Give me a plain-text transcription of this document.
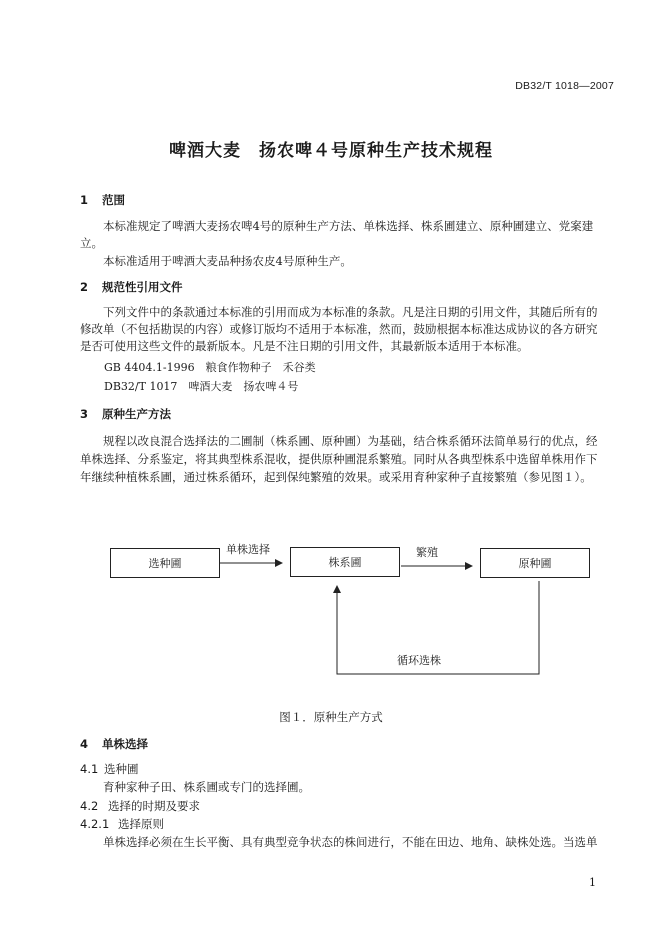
DB32/T 1018—2007
啤酒大麦　扬农啤４号原种生产技术规程
1 范围
本标准规定了啤酒大麦扬农啤4号的原种生产方法、单株选择、株系圃建立、原种圃建立、党案建立。
本标准适用于啤酒大麦品种扬农皮4号原种生产。
2 规范性引用文件
下列文件中的条款通过本标准的引用而成为本标准的条款。凡是注日期的引用文件，其随后所有的修改单（不包括勘误的内容）或修订版均不适用于本标准，然而，鼓励根据本标准达成协议的各方研究是否可使用这些文件的最新版本。凡是不注日期的引用文件，其最新版本适用于本标准。
GB 4404.1-1996　粮食作物种子　禾谷类
DB32/T 1017　啤酒大麦　扬农啤４号
3 原种生产方法
规程以改良混合选择法的二圃制（株系圃、原种圃）为基础，结合株系循环法简单易行的优点，经单株选择、分系鉴定，将其典型株系混收，提供原种圃混系繁殖。同时从各典型株系中选留单株用作下年继续种植株系圃，通过株系循环，起到保纯繁殖的效果。或采用育种家种子直接繁殖（参见图１）。
选种圃	株系圃	原种圃
单株选择	繁殖
循环选株
图１．原种生产方式
4 单株选择
4.1 选种圃
育种家种子田、株系圃或专门的选择圃。
4.2 选择的时期及要求
4.2.1 选择原则
单株选择必须在生长平衡、具有典型竞争状态的株间进行，不能在田边、地角、缺株处选。当选单
1
